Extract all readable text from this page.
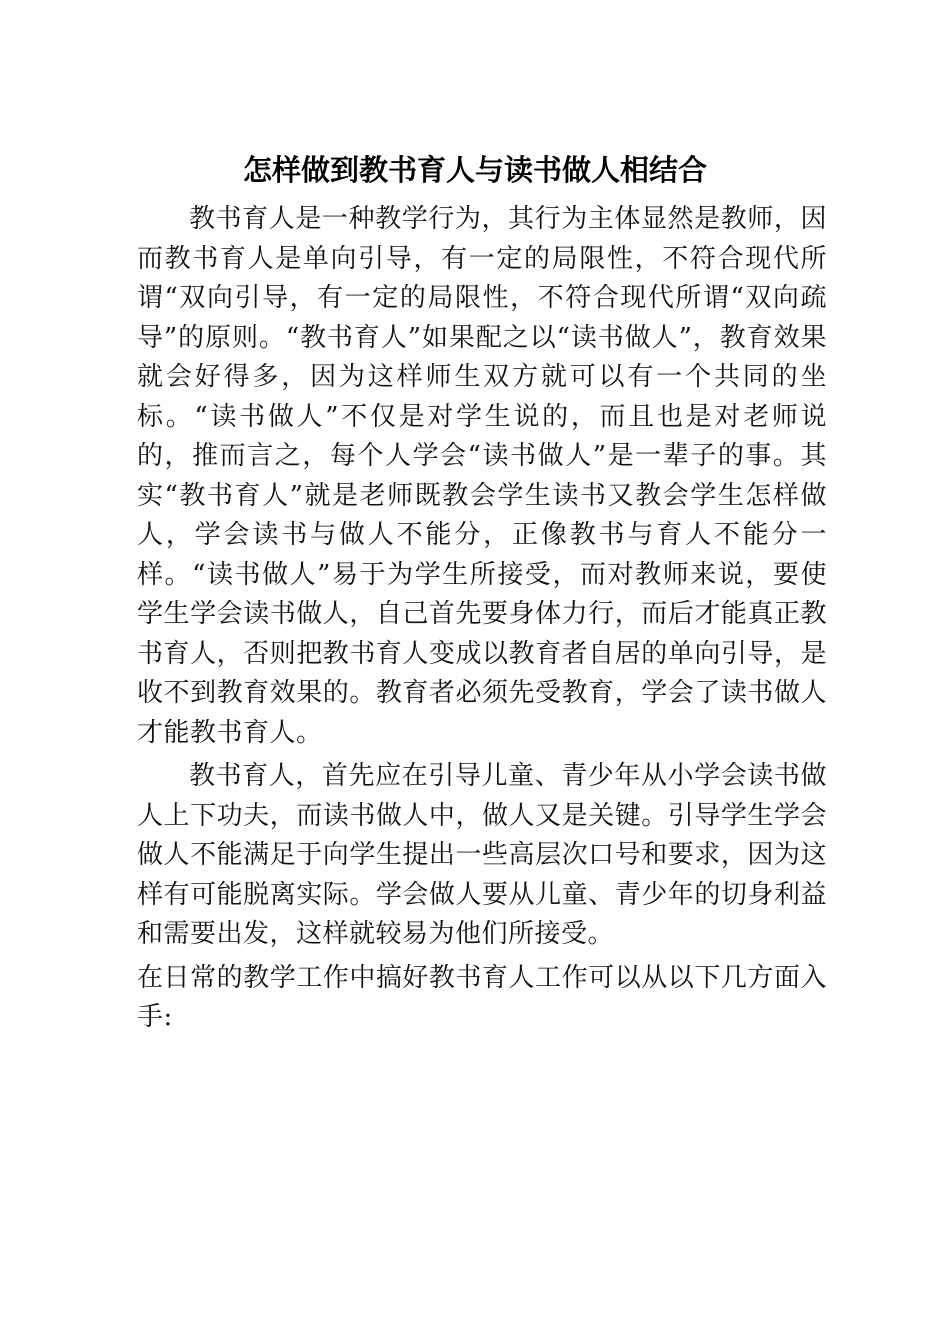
怎样做到教书育人与读书做人相结合

教书育人是一种教学行为，其行为主体显然是教师，因而教书育人是单向引导，有一定的局限性，不符合现代所谓“双向引导，有一定的局限性，不符合现代所谓“双向疏导”的原则。“教书育人”如果配之以“读书做人”，教育效果就会好得多，因为这样师生双方就可以有一个共同的坐标。“读书做人”不仅是对学生说的，而且也是对老师说的，推而言之，每个人学会“读书做人”是一辈子的事。其实“教书育人”就是老师既教会学生读书又教会学生怎样做人，学会读书与做人不能分，正像教书与育人不能分一样。“读书做人”易于为学生所接受，而对教师来说，要使学生学会读书做人，自己首先要身体力行，而后才能真正教书育人，否则把教书育人变成以教育者自居的单向引导，是收不到教育效果的。教育者必须先受教育，学会了读书做人才能教书育人。

教书育人，首先应在引导儿童、青少年从小学会读书做人上下功夫，而读书做人中，做人又是关键。引导学生学会做人不能满足于向学生提出一些高层次口号和要求，因为这样有可能脱离实际。学会做人要从儿童、青少年的切身利益和需要出发，这样就较易为他们所接受。

在日常的教学工作中搞好教书育人工作可以从以下几方面入手:
